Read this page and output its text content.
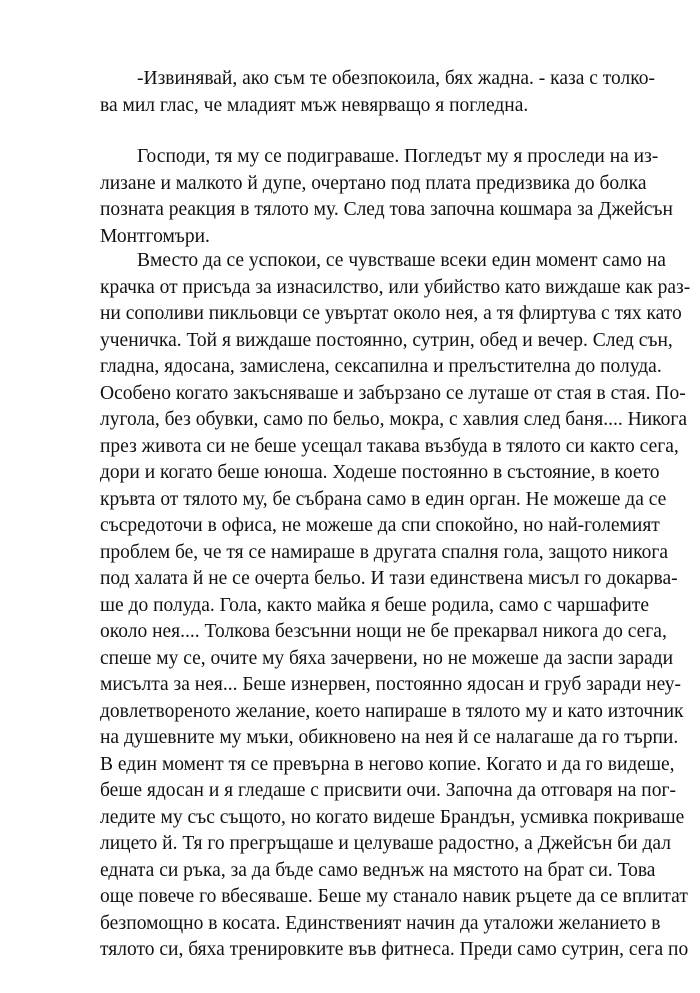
-Извинявай, ако съм те обезпокоила, бях жадна. - каза с толко-
ва мил глас, че младият мъж невярващо я погледна.
Господи, тя му се подиграваше. Погледът му я проследи на из-
лизане и малкото й дупе, очертано под плата предизвика до болка
позната реакция в тялото му. След това започна кошмара за Джейсън
Монтгомъри.
Вместо да се успокои, се чувстваше всеки един момент само на
крачка от присъда за изнасилство, или убийство като виждаше как раз-
ни сополиви пикльовци се увъртат около нея, а тя флиртува с тях като
ученичка. Той я виждаше постоянно, сутрин, обед и вечер. След сън,
гладна, ядосана, замислена, сексапилна и прелъстителна до полуда.
Особено когато закъсняваше и забързано се луташе от стая в стая. По-
лугола, без обувки, само по бельо, мокра, с хавлия след баня.... Никога
през живота си не беше усещал такава възбуда в тялото си както сега,
дори и когато беше юноша. Ходеше постоянно в състояние, в което
кръвта от тялото му, бе събрана само в един орган. Не можеше да се
съсредоточи в офиса, не можеше да спи спокойно, но най-големият
проблем бе, че тя се намираше в другата спалня гола, защото никога
под халата й не се очерта бельо. И тази единствена мисъл го докарва-
ше до полуда. Гола, както майка я беше родила, само с чаршафите
около нея.... Толкова безсънни нощи не бе прекарвал никога до сега,
спеше му се, очите му бяха зачервени, но не можеше да заспи заради
мисълта за нея... Беше изнервен, постоянно ядосан и груб заради неу-
довлетвореното желание, което напираше в тялото му и като източник
на душевните му мъки, обикновено на нея й се налагаше да го търпи.
В един момент тя се превърна в негово копие. Когато и да го видеше,
беше ядосан и я гледаше с присвити очи. Започна да отговаря на пог-
ледите му със същото, но когато видеше Брандън, усмивка покриваше
лицето й. Тя го прегръщаше и целуваше радостно, а Джейсън би дал
едната си ръка, за да бъде само веднъж на мястото на брат си. Това
още повече го вбесяваше. Беше му станало навик ръцете да се вплитат
безпомощно в косата. Единственият начин да уталожи желанието в
тялото си, бяха тренировките във фитнеса. Преди само сутрин, сега по
